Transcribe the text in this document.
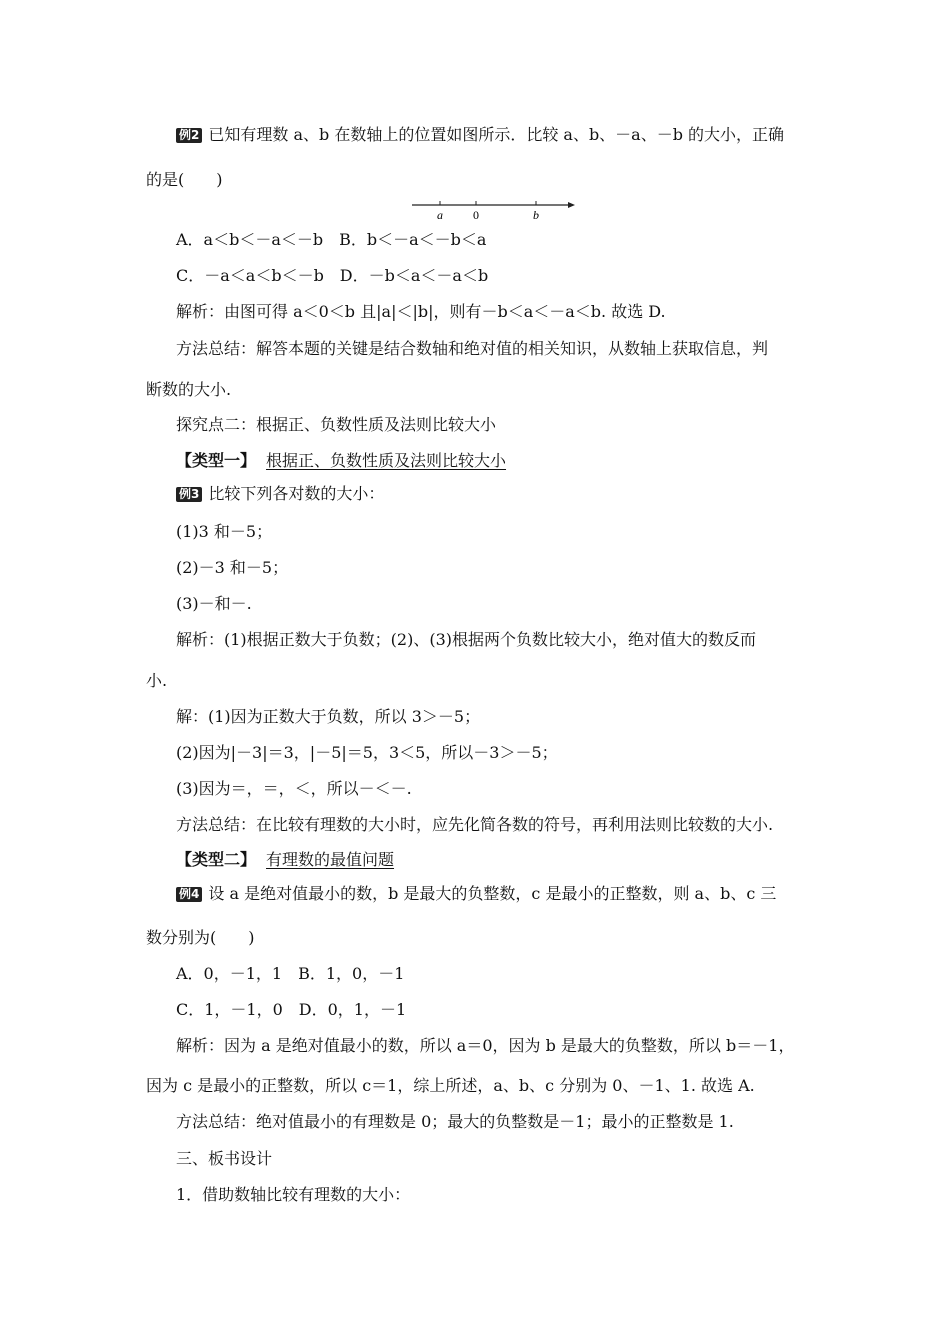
例2 已知有理数 a、b 在数轴上的位置如图所示．比较 a、b、－a、－b 的大小，正确
的是(　　)
a	0	b
A．a＜b＜－a＜－b　B．b＜－a＜－b＜a
C．－a＜a＜b＜－b　D．－b＜a＜－a＜b
解析：由图可得 a＜0＜b 且|a|＜|b|，则有－b＜a＜－a＜b. 故选 D.
方法总结：解答本题的关键是结合数轴和绝对值的相关知识，从数轴上获取信息，判
断数的大小.
探究点二：根据正、负数性质及法则比较大小
【类型一】 根据正、负数性质及法则比较大小
例3 比较下列各对数的大小：
(1)3 和－5；
(2)－3 和－5；
(3)－和－.
解析：(1)根据正数大于负数；(2)、(3)根据两个负数比较大小，绝对值大的数反而
小.
解：(1)因为正数大于负数，所以 3＞－5；
(2)因为|－3|＝3，|－5|＝5，3＜5，所以－3＞－5；
(3)因为＝，＝，＜，所以－＜－.
方法总结：在比较有理数的大小时，应先化简各数的符号，再利用法则比较数的大小.
【类型二】 有理数的最值问题
例4 设 a 是绝对值最小的数，b 是最大的负整数，c 是最小的正整数，则 a、b、c 三
数分别为(　　)
A．0，－1，1　B．1，0，－1
C．1，－1，0　D．0，1，－1
解析：因为 a 是绝对值最小的数，所以 a＝0，因为 b 是最大的负整数，所以 b＝－1，
因为 c 是最小的正整数，所以 c＝1，综上所述，a、b、c 分别为 0、－1、1. 故选 A.
方法总结：绝对值最小的有理数是 0；最大的负整数是－1；最小的正整数是 1.
三、板书设计
1．借助数轴比较有理数的大小：
